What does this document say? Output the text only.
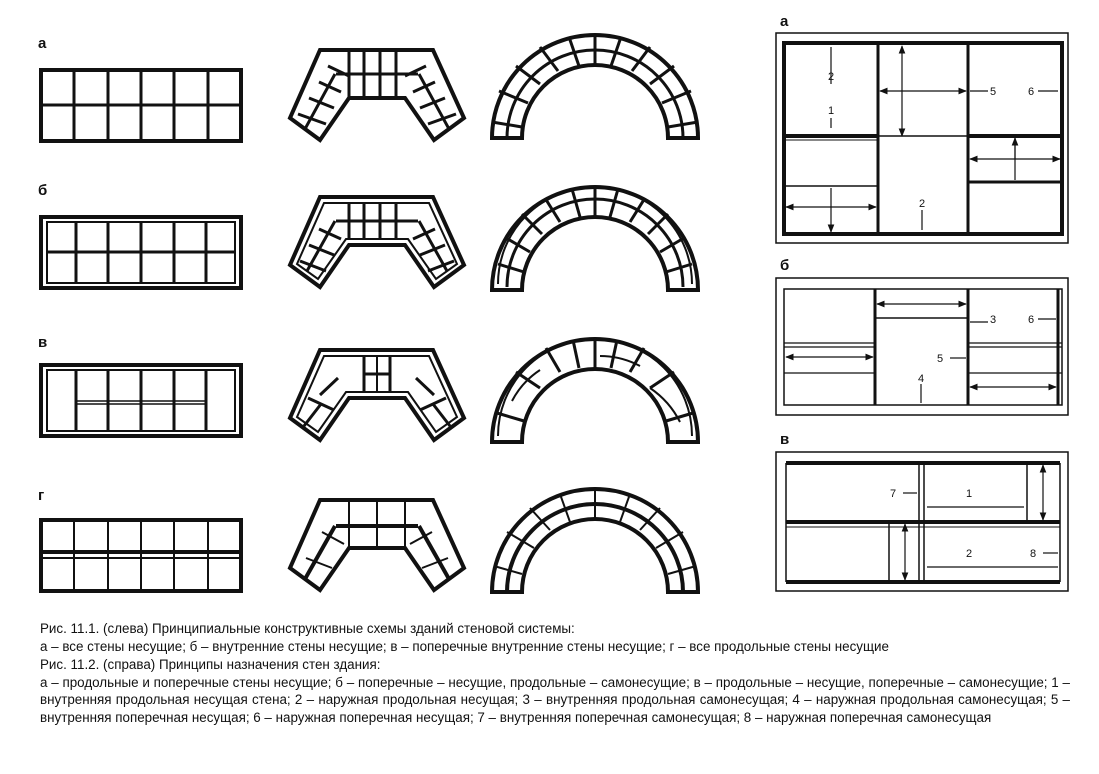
а
б
в
г
а
б
в
2
1
5	6
2
3	6
5
4
7	1
2	8

Рис. 11.1. (слева) Принципиальные конструктивные схемы зданий стеновой системы:

а – все стены несущие; б – внутренние стены несущие; в – поперечные внутренние стены несущие; г – все продольные стены несущие

Рис. 11.2. (справа) Принципы назначения стен здания:

а – продольные и поперечные стены несущие; б – поперечные – несущие, продольные – самонесущие; в – продольные – несущие, поперечные – самонесущие; 1 – внутренняя продольная несущая стена; 2 – наружная продольная несущая; 3 – внутренняя продольная самонесущая; 4 – наружная продольная самонесущая; 5 – внутренняя поперечная несущая; 6 – наружная поперечная несущая; 7 – внутренняя поперечная самонесущая; 8 – наружная поперечная самонесущая
